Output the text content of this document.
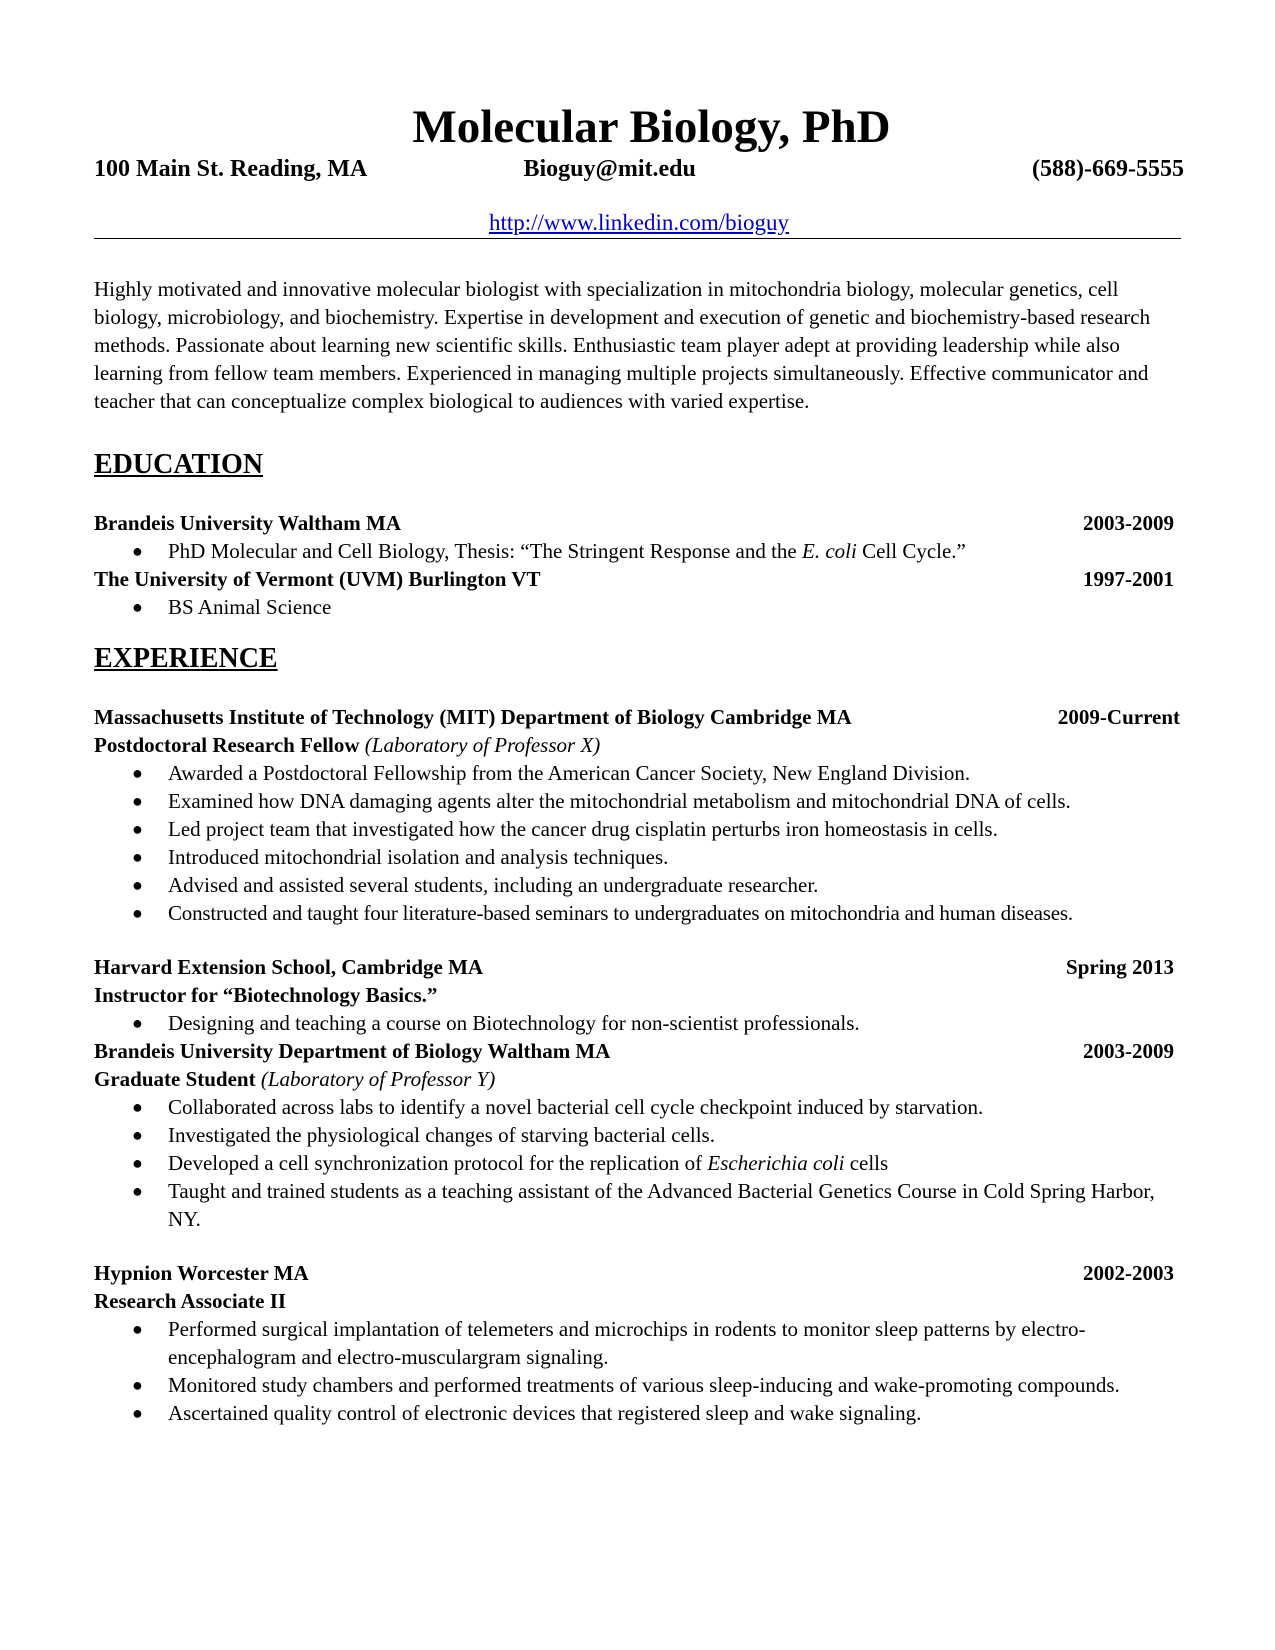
Molecular Biology, PhD
100 Main St. Reading, MA	Bioguy@mit.edu	(588)-669-5555
http://www.linkedin.com/bioguy
Highly motivated and innovative molecular biologist with specialization in mitochondria biology, molecular genetics, cell biology, microbiology, and biochemistry. Expertise in development and execution of genetic and biochemistry-based research methods. Passionate about learning new scientific skills. Enthusiastic team player adept at providing leadership while also learning from fellow team members. Experienced in managing multiple projects simultaneously. Effective communicator and teacher that can conceptualize complex biological to audiences with varied expertise.
EDUCATION
Brandeis University Waltham MA	2003-2009
● PhD Molecular and Cell Biology, Thesis: “The Stringent Response and the E. coli Cell Cycle.”
The University of Vermont (UVM) Burlington VT	1997-2001
● BS Animal Science
EXPERIENCE
Massachusetts Institute of Technology (MIT) Department of Biology Cambridge MA	2009-Current
Postdoctoral Research Fellow (Laboratory of Professor X)
● Awarded a Postdoctoral Fellowship from the American Cancer Society, New England Division.
● Examined how DNA damaging agents alter the mitochondrial metabolism and mitochondrial DNA of cells.
● Led project team that investigated how the cancer drug cisplatin perturbs iron homeostasis in cells.
● Introduced mitochondrial isolation and analysis techniques.
● Advised and assisted several students, including an undergraduate researcher.
● Constructed and taught four literature-based seminars to undergraduates on mitochondria and human diseases.
Harvard Extension School, Cambridge MA	Spring 2013
Instructor for “Biotechnology Basics.”
● Designing and teaching a course on Biotechnology for non-scientist professionals.
Brandeis University Department of Biology Waltham MA	2003-2009
Graduate Student (Laboratory of Professor Y)
● Collaborated across labs to identify a novel bacterial cell cycle checkpoint induced by starvation.
● Investigated the physiological changes of starving bacterial cells.
● Developed a cell synchronization protocol for the replication of Escherichia coli cells
● Taught and trained students as a teaching assistant of the Advanced Bacterial Genetics Course in Cold Spring Harbor, NY.
Hypnion Worcester MA	2002-2003
Research Associate II
● Performed surgical implantation of telemeters and microchips in rodents to monitor sleep patterns by electro-encephalogram and electro-musculargram signaling.
● Monitored study chambers and performed treatments of various sleep-inducing and wake-promoting compounds.
● Ascertained quality control of electronic devices that registered sleep and wake signaling.
